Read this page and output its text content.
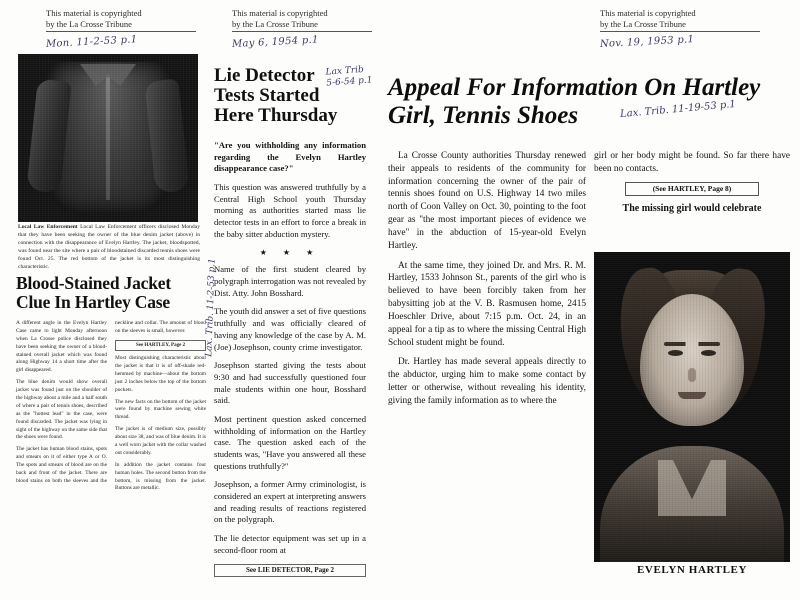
This material is copyrighted
by the La Crosse Tribune
Mon. 11-2-53 p.1
Local Law Enforcement Local Law Enforcement officers disclosed Monday that they have been seeking the owner of the blue denim jacket (above) in connection with the disappearance of Evelyn Hartley. The jacket, bloodspotted, was found near the site where a pair of bloodstained discarded tennis shoes were found Oct. 25. The red bottom of the jacket is its most distinguishing characteristic.
Blood-Stained Jacket Clue In Hartley Case	Lax. Trib. 11-2-53 p.1

A different angle in the Evelyn Hartley Case came to light Monday afternoon when La Crosse police disclosed they have been seeking the owner of a blood-stained overall jacket which was found along Highway 14 a short time after the girl disappeared.

The blue denim would show overall jacket was found just on the shoulder of the highway about a mile and a half south of where a pair of tennis shoes, described as the "hottest lead" in the case, were found discarded. The jacket was lying in sight of the highway on the same side that the shoes were found.

The jacket has human blood stains, spots and smears on it of either type A or O. The spots and smears of blood are on the back and front of the jacket. There are blood stains on both the sleeves and the neckline and collar. The amount of blood on the sleeves is small, however.

See HARTLEY, Page 2

Most distinguishing characteristic about the jacket is that it is of off-shade red-hemmed by machine—about the bottom just 2 inches below the top of the bottom pockets.

The new facts on the bottom of the jacket were found by machine sewing white thread.

The jacket is of medium size, possibly about size 38, and was of blue denim. It is a well worn jacket with the collar washed out considerably.

In addition the jacket contains four human holes. The second button from the bottom, is missing from the jacket. Buttons are metallic.

This material is copyrighted
by the La Crosse Tribune
May 6, 1954 p.1
Lie Detector Tests Started Here Thursday
Lax Trib
5-6-54 p.1

"Are you withholding any information regarding the Evelyn Hartley disappearance case?"

This question was answered truthfully by a Central High School youth Thursday morning as authorities started mass lie detector tests in an effort to force a break in the baby sitter abduction mystery.

★ ★ ★

Name of the first student cleared by polygraph interrogation was not revealed by Dist. Atty. John Bosshard.

The youth did answer a set of five questions truthfully and was officially cleared of having any knowledge of the case by A. M. (Joe) Josephson, county crime investigator.

Josephson started giving the tests about 9:30 and had successfully questioned four male students within one hour, Bosshard said.

Most pertinent question asked concerned withholding of information on the Hartley case. The question asked each of the students was, "Have you answered all these questions truthfully?"

Josephson, a former Army criminologist, is considered an expert at interpreting answers and reading results of reactions registered on the polygraph.

The lie detector equipment was set up in a second-floor room at

See LIE DETECTOR, Page 2
This material is copyrighted
by the La Crosse Tribune
Nov. 19, 1953 p.1
Appeal For Information On Hartley Girl, Tennis Shoes	Lax. Trib. 11-19-53 p.1

La Crosse County authorities Thursday renewed their appeals to residents of the community for information concerning the owner of the pair of tennis shoes found on U.S. Highway 14 two miles north of Coon Valley on Oct. 30, pointing to the foot gear as "the most important pieces of evidence we have" in the abduction of 15-year-old Evelyn Hartley.

At the same time, they joined Dr. and Mrs. R. M. Hartley, 1533 Johnson St., parents of the girl who is believed to have been forcibly taken from her babysitting job at the V. B. Rasmusen home, 2415 Hoeschler Drive, about 7:15 p.m. Oct. 24, in an appeal for a tip as to where the missing Central High School student might be found.

Dr. Hartley has made several appeals directly to the abductor, urging him to make some contact by letter or otherwise, without revealing his identity, giving the family information as to where the

girl or her body might be found. So far there have been no contacts.

(See HARTLEY, Page 8)

The missing girl would celebrate

EVELYN HARTLEY
